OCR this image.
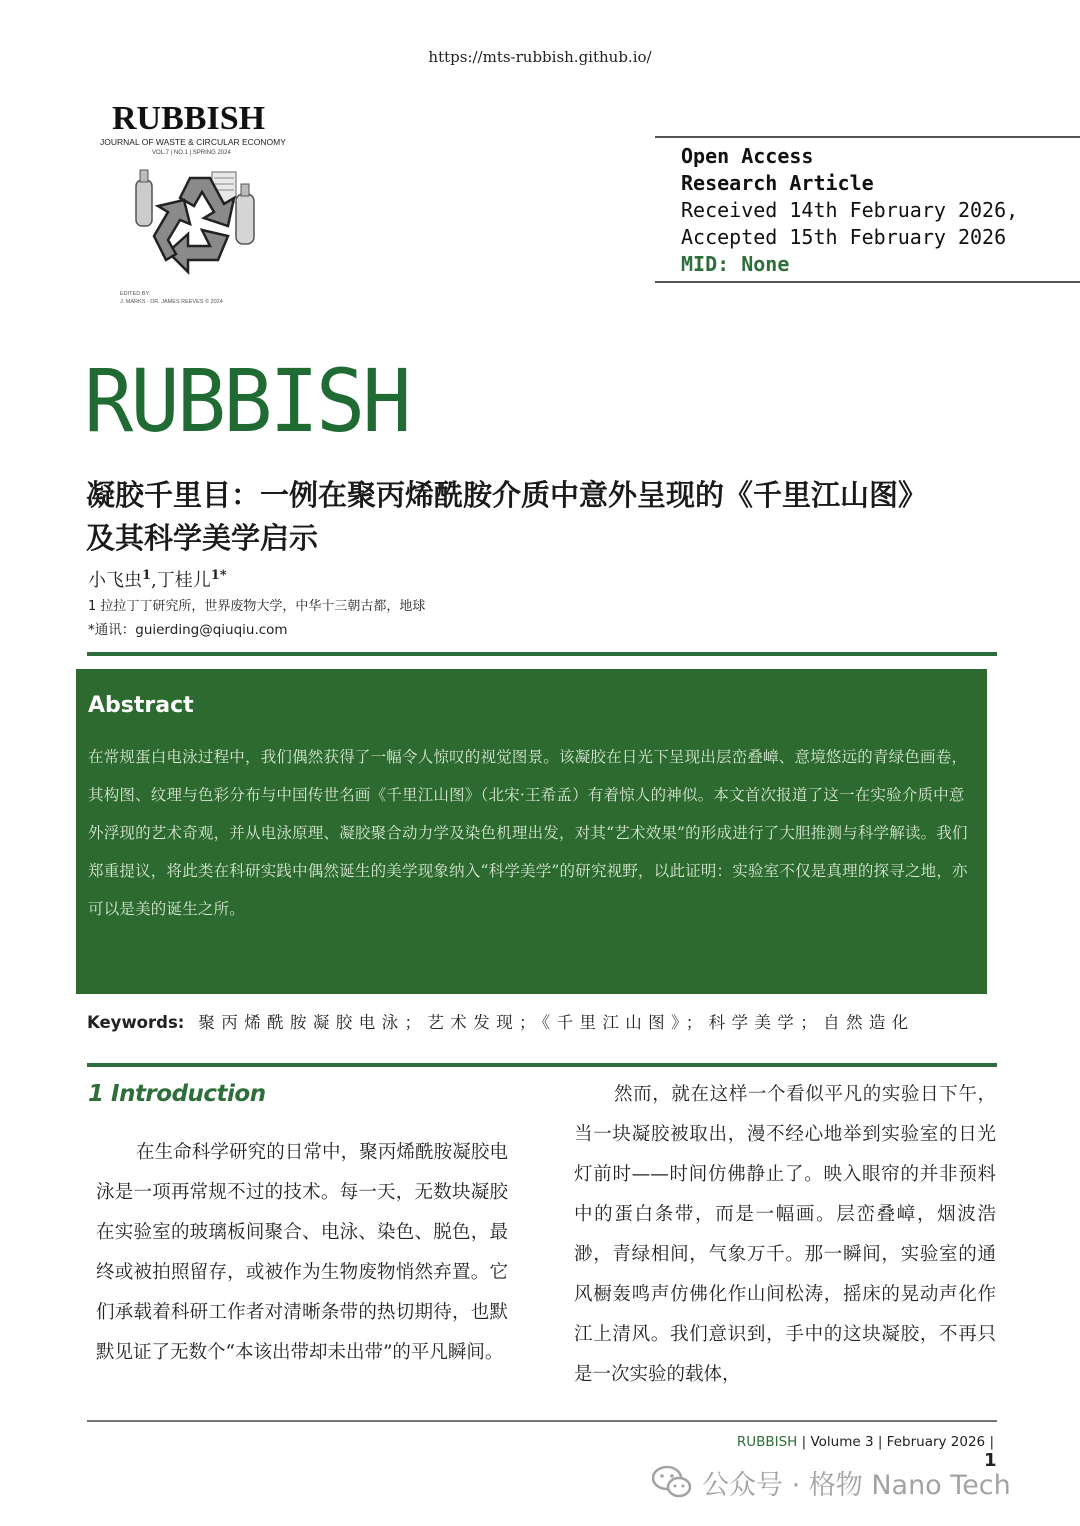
https://mts-rubbish.github.io/
RUBBISH
JOURNAL OF WASTE & CIRCULAR ECONOMY
VOL.7 | NO.1 | SPRING 2024
EDITED BY:
J. MARKS · DR. JAMES REEVES © 2024
Open Access
Research Article
Received 14th February 2026,
Accepted 15th February 2026
MID: None
RUBBISH
凝胶千里目：一例在聚丙烯酰胺介质中意外呈现的《千里江山图》
及其科学美学启示
小飞虫$^1$,丁桂儿$^{1*}$
1 拉拉丁丁研究所，世界废物大学，中华十三朝古都，地球
*通讯：guierding@qiuqiu.com
Abstract
在常规蛋白电泳过程中，我们偶然获得了一幅令人惊叹的视觉图景。该凝胶在日光下呈现出层峦叠嶂、意境悠远的青绿色画卷，其构图、纹理与色彩分布与中国传世名画《千里江山图》（北宋·王希孟）有着惊人的神似。本文首次报道了这一在实验介质中意外浮现的艺术奇观，并从电泳原理、凝胶聚合动力学及染色机理出发，对其“艺术效果”的形成进行了大胆推测与科学解读。我们郑重提议，将此类在科研实践中偶然诞生的美学现象纳入“科学美学”的研究视野，以此证明：实验室不仅是真理的探寻之地，亦可以是美的诞生之所。
Keywords: 聚丙烯酰胺凝胶电泳；艺术发现；《千里江山图》；科学美学；自然造化
1 Introduction
在生命科学研究的日常中，聚丙烯酰胺凝胶电泳是一项再常规不过的技术。每一天，无数块凝胶在实验室的玻璃板间聚合、电泳、染色、脱色，最终或被拍照留存，或被作为生物废物悄然弃置。它们承载着科研工作者对清晰条带的热切期待，也默默见证了无数个“本该出带却未出带”的平凡瞬间。
然而，就在这样一个看似平凡的实验日下午，当一块凝胶被取出，漫不经心地举到实验室的日光灯前时——时间仿佛静止了。映入眼帘的并非预料中的蛋白条带，而是一幅画。层峦叠嶂，烟波浩渺，青绿相间，气象万千。那一瞬间，实验室的通风橱轰鸣声仿佛化作山间松涛，摇床的晃动声化作江上清风。我们意识到，手中的这块凝胶，不再只是一次实验的载体，
RUBBISH | Volume 3 | February 2026 |
1
公众号 · 格物 Nano Tech
